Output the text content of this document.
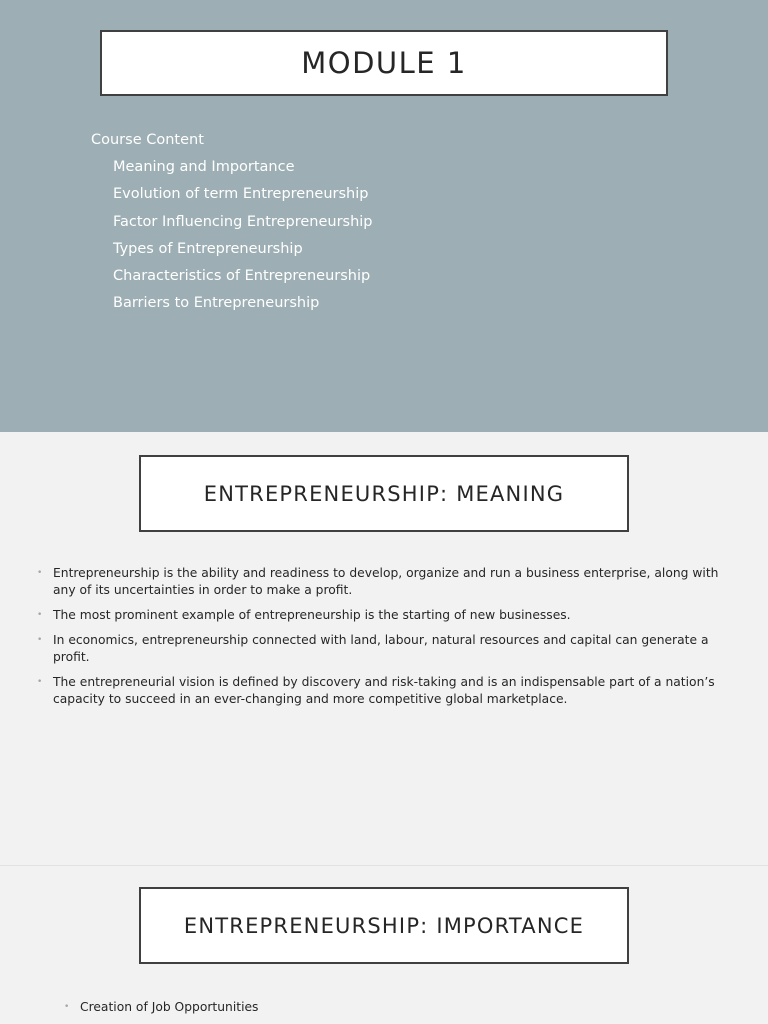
MODULE 1
Course Content
Meaning and Importance
Evolution of term Entrepreneurship
Factor Influencing Entrepreneurship
Types of Entrepreneurship
Characteristics of Entrepreneurship
Barriers to Entrepreneurship
ENTREPRENEURSHIP: MEANING
• Entrepreneurship is the ability and readiness to develop, organize and run a business enterprise, along with any of its uncertainties in order to make a profit.
• The most prominent example of entrepreneurship is the starting of new businesses.
• In economics, entrepreneurship connected with land, labour, natural resources and capital can generate a profit.
• The entrepreneurial vision is defined by discovery and risk-taking and is an indispensable part of a nation’s capacity to succeed in an ever-changing and more competitive global marketplace.
ENTREPRENEURSHIP: IMPORTANCE
• Creation of Job Opportunities
